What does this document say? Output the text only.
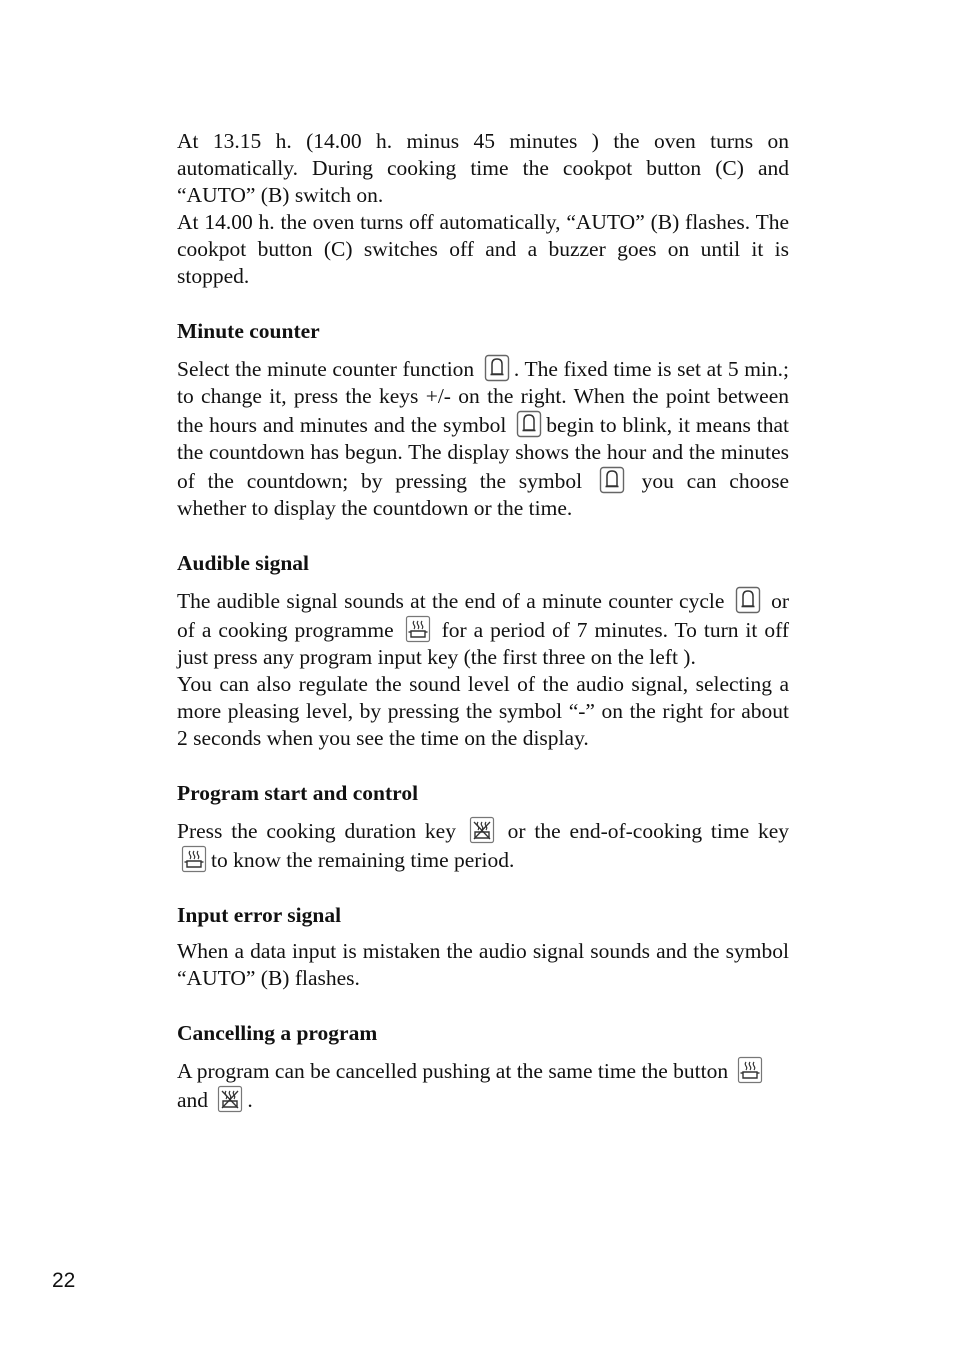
At 13.15 h. (14.00 h. minus 45 minutes ) the oven turns on automatically. During cooking time the cookpot button (C) and “AUTO” (B) switch on.

At 14.00 h. the oven turns off automatically, “AUTO” (B) flashes. The cookpot button (C) switches off and a buzzer goes on until it is stopped.

Minute counter

Select the minute counter function . The fixed time is set at 5 min.; to change it, press the keys +/- on the right. When the point between the hours and minutes and the symbol begin to blink, it means that the countdown has begun. The display shows the hour and the minutes of the countdown; by pressing the symbol	you can choose whether to display the countdown or the time.

Audible signal

The audible signal sounds at the end of a minute counter cycle or of a cooking programme for a period of 7 minutes. To turn it off just press any program input key (the first three on the left ).

You can also regulate the sound level of the audio signal, selecting a more pleasing level, by pressing the symbol “-” on the right for about 2 seconds when you see the time on the display.

Program start and control

Press the cooking duration key or the end-of-cooking time key
to know the remaining time period.

Input error signal

When a data input is mistaken the audio signal sounds and the symbol “AUTO” (B) flashes.

Cancelling a program

A program can be cancelled pushing at the same time the button
and .

22
